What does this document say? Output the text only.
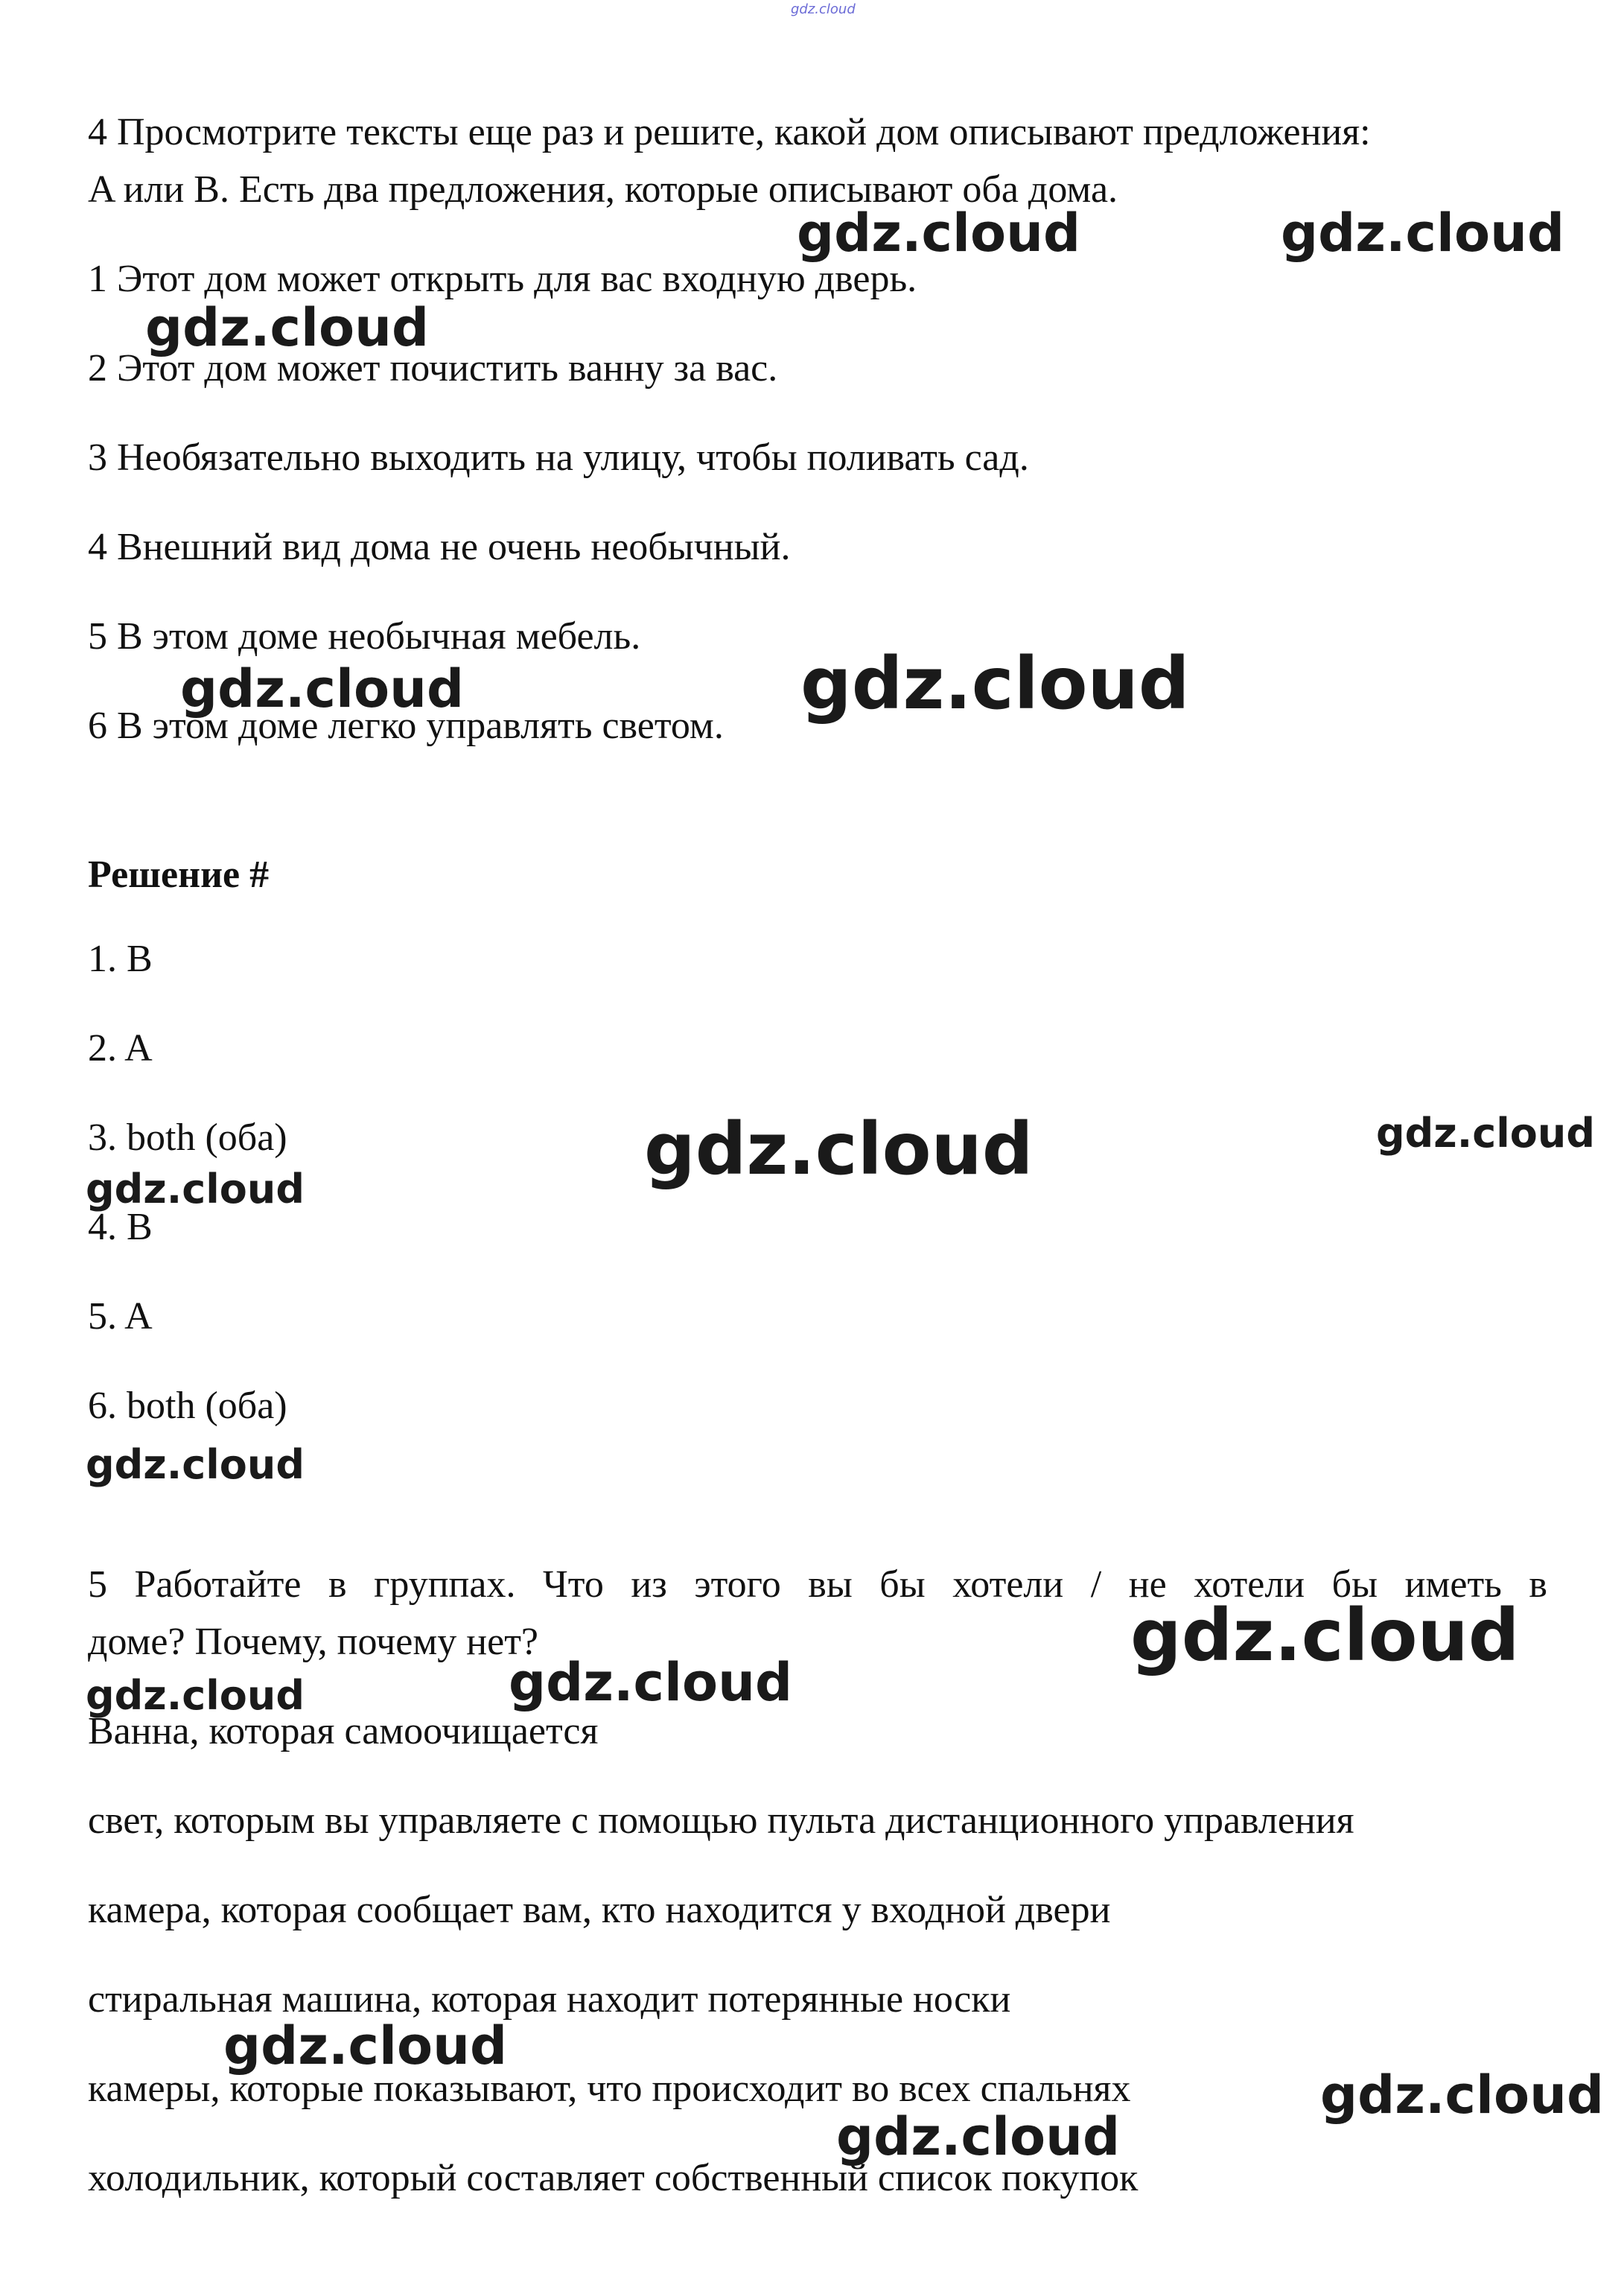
gdz.cloud

4 Просмотрите тексты еще раз и решите, какой дом описывают предложения:

A или B. Есть два предложения, которые описывают оба дома.

1 Этот дом может открыть для вас входную дверь.

2 Этот дом может почистить ванну за вас.

3 Необязательно выходить на улицу, чтобы поливать сад.

4 Внешний вид дома не очень необычный.

5 В этом доме необычная мебель.

6 В этом доме легко управлять светом.

Решение #

1. B

2. A

3. both (оба)

4. B

5. A

6. both (оба)

5 Работайте в группах. Что из этого вы бы хотели / не хотели бы иметь в

доме? Почему, почему нет?

Ванна, которая самоочищается

свет, которым вы управляете с помощью пульта дистанционного управления

камера, которая сообщает вам, кто находится у входной двери

стиральная машина, которая находит потерянные носки

камеры, которые показывают, что происходит во всех спальнях

холодильник, который составляет собственный список покупок

gdz.cloud	gdz.cloud
gdz.cloud
gdz.cloud	gdz.cloud
gdz.cloud	gdz.cloud
gdz.cloud
gdz.cloud
gdz.cloud
gdz.cloud
gdz.cloud
gdz.cloud
gdz.cloud
gdz.cloud
